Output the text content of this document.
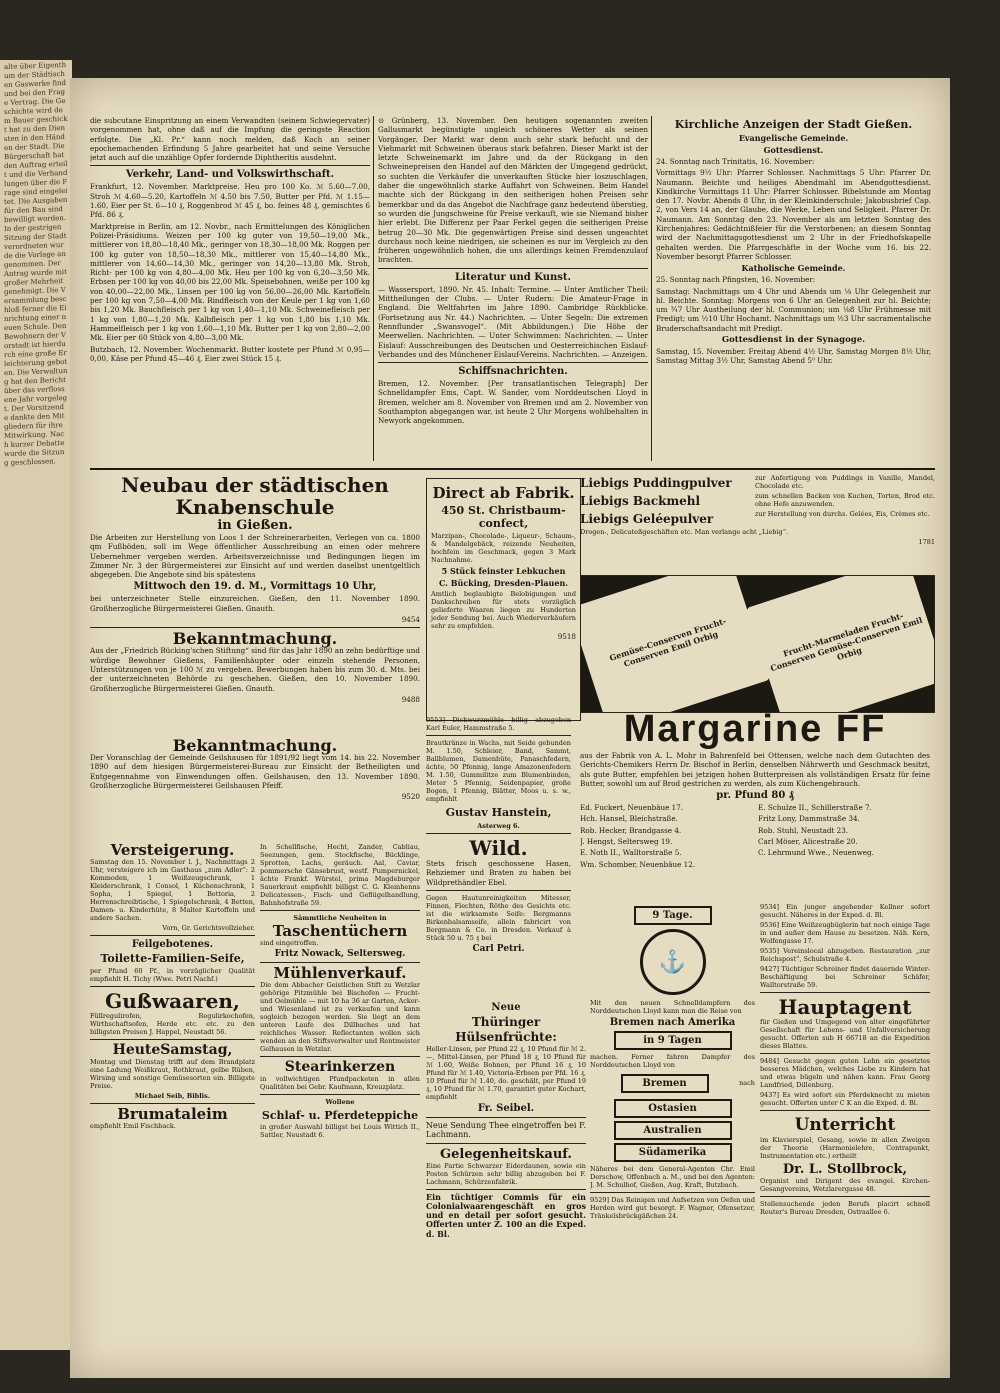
alte über Eigenthum der Städtischen Gaswerke find und bei den Frage Vertrag. Die Geschichte wird dem Bauer geschickt hat zu den Diensten in den Händen der Stadt. Die Bürgerschaft hat den Auftrag erteilt und die Verhandlungen über die Frage sind eingeleitet. Die Ausgaben für den Bau sind bewilligt worden. In der gestrigen Sitzung der Stadtverordneten wurde die Vorlage angenommen. Der Antrag wurde mit großer Mehrheit genehmigt. Die Versammlung beschloß ferner die Einrichtung einer neuen Schule. Den Bewohnern der Vorstadt ist hierdurch eine große Erleichterung geboten. Die Verwaltung hat den Bericht über das verflossene Jahr vorgelegt. Der Vorsitzende dankte den Mitgliedern für ihre Mitwirkung. Nach kurzer Debatte wurde die Sitzung geschlossen.

die subcutane Einspritzung an einem Verwandten (seinem Schwiegervater) vorgenommen hat, ohne daß auf die Impfung die geringste Reaction erfolgte. Die „Kl. Pr.“ kann noch melden, daß Koch an seiner epochemachenden Erfindung 5 Jahre gearbeitet hat und seine Versuche jetzt auch auf die unzählige Opfer fordernde Diphtheritis ausdehnt.

Verkehr, Land- und Volkswirthschaft.

Frankfurt, 12. November. Marktpreise. Heu pro 100 Ko. ℳ 5.60—7.00, Stroh ℳ 4.60—5.20, Kartoffeln ℳ 4.50 bis 7.50, Butter per Pfd. ℳ 1.15—1.60, Eier per St. 6—10 ₰, Roggenbrod ℳ 45 ₰, bo. feines 48 ₰, gemischtes 6 Pfd. 86 ₰.

Marktpreise in Berlin, am 12. Novbr., nach Ermittelungen des Königlichen Polizei-Präsidiums. Weizen per 100 kg guter von 19,50—19,00 Mk., mittlerer von 18,80—18,40 Mk., geringer von 18,30—18,00 Mk. Roggen per 100 kg guter von 18,50—18,30 Mk., mittlerer von 15,40—14,80 Mk., mittlerer von 14,60—14,30 Mk., geringer von 14,20—13,80 Mk. Stroh, Richt- per 100 kg von 4,80—4,00 Mk. Heu per 100 kg von 6,20—3,50 Mk. Erbsen per 100 kg von 40,00 bis 22,00 Mk. Speisebohnen, weiße per 100 kg von 40,00—22,00 Mk., Linsen per 100 kg von 56,00—26,00 Mk. Kartoffeln per 100 kg von 7,50—4,00 Mk. Rindfleisch von der Keule per 1 kg von 1,60 bis 1,20 Mk. Bauchfleisch per 1 kg von 1,40—1,10 Mk. Schweinefleisch per 1 kg von 1,80—1,20 Mk. Kalbfleisch per 1 kg von 1,80 bis 1,10 Mk. Hammelfleisch per 1 kg von 1,60—1,10 Mk. Butter per 1 kg von 2,80—2,00 Mk. Eier per 60 Stück von 4,80—3,00 Mk.

Butzbach, 12. November. Wochenmarkt. Butter kostete per Pfund ℳ 0,95—0,00, Käse per Pfund 45—46 ₰, Eier zwei Stück 15 ₰.

⊙ Grünberg, 13. November. Den heutigen sogenannten zweiten Gallusmarkt begünstigte ungleich schöneres Wetter als seinen Vorgänger. Der Markt war denn auch sehr stark befucht und der Viehmarkt mit Schweinen überaus stark befahren. Dieser Markt ist der letzte Schweinemarkt im Jahre und da der Rückgang in den Schweinepreisen den Handel auf den Märkten der Umgegend gedrückt, so suchten die Verkäufer die unverkauften Stücke hier loszuschlagen, daher die ungewöhnlich starke Auffahrt von Schweinen. Beim Handel machte sich der Rückgang in den seitherigen hohen Preisen sehr bemerkbar und da das Angebot die Nachfrage ganz bedeutend überstieg, so wurden die Jungschweine für Preise verkauft, wie sie Niemand bisher hier erlebt. Die Differenz per Paar Ferkel gegen die seitherigen Preise betrug 20—30 Mk. Die gegenwärtigen Preise sind dessen ungeachtet durchaus noch keine niedrigen, sie scheinen es nur im Vergleich zu den früheren ungewöhnlich hohen, die uns allerdings keinen Fremdenzulauf brachten.

Literatur und Kunst.

— Wassersport, 1890. Nr. 45. Inhalt: Termine. — Unter Amtlicher Theil: Mittheilungen der Clubs. — Unter Rudern: Die Amateur-Frage in England. Die Weltfahrten im Jahre 1890. Cambridge Rückblicke. (Fortsetzung aus Nr. 44.) Nachrichten. — Unter Segeln: Die extremen Rennflunder „Swansvogel“. (Mit Abbildungen.) Die Höhe der Meerwellen. Nachrichten. — Unter Schwimmen: Nachrichten. — Unter Eislauf: Ausschreibungen des Deutschen und Oesterreichischen Eislauf-Verbandes und des Münchener Eislauf-Vereins. Nachrichten. — Anzeigen.

Schiffsnachrichten.

Bremen, 12. November. [Per transatlantischen Telegraph] Der Schnelldampfer Ems, Capt. W. Sander, vom Norddeutschen Lloyd in Bremen, welcher am 8. November von Bremen und am 2. November von Southampton abgegangen war, ist heute 2 Uhr Morgens wohlbehalten in Newyork angekommen.

Kirchliche Anzeigen der Stadt Gießen.
Evangelische Gemeinde.
Gottesdienst.

24. Sonntag nach Trinitatis, 16. November:

Vormittags 9½ Uhr: Pfarrer Schlosser. Nachmittags 5 Uhr: Pfarrer Dr. Naumann. Beichte und heiliges Abendmahl im Abendgottesdienst. Kindkirche Vormittags 11 Uhr: Pfarrer Schlosser. Bibelstunde am Montag den 17. Novbr. Abends 8 Uhr, in der Kleinkinderschule; Jakobusbrief Cap. 2, von Vers 14 an, der Glaube, die Werke, Leben und Seligkeit. Pfarrer Dr. Naumann. Am Sonntag den 23. November als am letzten Sonntag des Kirchenjahres: Gedächtnißfeier für die Verstorbenen; an diesem Sonntag wird der Nachmittagsgottesdienst um 2 Uhr in der Friedhofskapelle gehalten werden. Die Pfarrgeschäfte in der Woche vom 16. bis 22. November besorgt Pfarrer Schlosser.

Katholische Gemeinde.

25. Sonntag nach Pfingsten, 16. November:

Samstag: Nachmittags um 4 Uhr und Abends um ⅛ Uhr Gelegenheit zur hl. Beichte. Sonntag: Morgens von 6 Uhr an Gelegenheit zur hl. Beichte; um ¾7 Uhr Austheilung der hl. Communion; um ⅛8 Uhr Frühmesse mit Predigt; um ½10 Uhr Hochamt. Nachmittags um ½3 Uhr sacramentalische Bruderschaftsandacht mit Predigt.

Gottesdienst in der Synagoge.

Samstag, 15. November. Freitag Abend 4½ Uhr, Samstag Morgen 8½ Uhr, Samstag Mittag 3½ Uhr, Samstag Abend 5⁰ Uhr.

Neubau der städtischen Knabenschule
in Gießen.

Die Arbeiten zur Herstellung von Loos 1 der Schreinerarbeiten, Verlegen von ca. 1800 qm Fußböden, soll im Wege öffentlicher Ausschreibung an einen oder mehrere Uebernehmer vergeben werden. Arbeitsverzeichnisse und Bedingungen liegen im Zimmer Nr. 3 der Bürgermeisterei zur Einsicht auf und werden daselbst unentgeltlich abgegeben. Die Angebote sind bis spätestens

Mittwoch den 19. d. M., Vormittags 10 Uhr,

bei unterzeichneter Stelle einzureichen. Gießen, den 11. November 1890. Großherzogliche Bürgermeisterei Gießen. Gnauth.

9454
Bekanntmachung.

Aus der „Friedrich Bücking'schen Stiftung“ sind für das Jahr 1890 an zehn bedürftige und würdige Bewohner Gießens, Familienhäupter oder einzeln stehende Personen, Unterstützungen von je 100 ℳ zu vergeben. Bewerbungen haben bis zum 30. d. Mts. bei der unterzeichneten Behörde zu geschehen. Gießen, den 10. November 1890. Großherzogliche Bürgermeisterei Gießen. Gnauth.

9488
Bekanntmachung.

Der Voranschlag der Gemeinde Geilshausen für 1891/92 liegt vom 14. bis 22. November 1890 auf dem hiesigen Bürgermeisterei-Bureau zur Einsicht der Betheiligten und Entgegennahme von Einwendungen offen. Geilshausen, den 13. November 1890. Großherzogliche Bürgermeisterei Geilshausen Pfeiff.

9520
Direct ab Fabrik.
450 St. Christbaum-confect,

Marzipan-, Chocolade-, Liqueur-, Schaum-, & Mandelgebäck, reizende Neuheiten, hochfein im Geschmack, gegen 3 Mark Nachnahme.

5 Stück feinster Lebkuchen
C. Bücking, Dresden-Plauen.

Amtlich beglaubigte Belobigungen und Dankschreiben für stets vorzüglich gelieferte Waaren liegen zu Hunderten jeder Sendung bei. Auch Wiederverkäufern sehr zu empfehlen.

9518
Liebigs Puddingpulver	zur Anfertigung von Puddings in Vanille, Mandel, Chocolade etc.
Liebigs Backmehl	zum schnellen Backen von Kuchen, Torten, Brod etc. ohne Hefe anzuwenden.
Liebigs Geléepulver	zur Herstellung von durchs. Gelées, Eis, Crèmes etc.

Drogen-, Delicateßgeschäften etc. Man verlange acht „Liebig“.

1781
Gemüse-Conserven Frucht-Conserven Emil Orbig	Frucht-Marmeladen Frucht-Conserven Gemüse-Conserven Emil Orbig

9553] Dickwurzmühle billig abzugeben Karl Euler, Hammstraße 5.

Brautkränze in Wachs, mit Seide gebunden M. 1.50, Schleier, Band, Sammt, Ballblumen, Damenhüte, Panaschfedern, ächte, 50 Pfennig, lange Amazonenfedern M. 1.50, Gummilitze zum Blumenbinden, Meter 5 Pfennig, Seidenpapier, große Bogen, 1 Pfennig, Blätter, Moos u. s. w., empfiehlt

Gustav Hanstein,
Asterweg 6.
Wild.

Stets frisch geschossene Hasen, Rehziemer und Braten zu haben bei Wildprethändler Ebel.

Gegen Hautunreinigkeiten Mitesser, Finnen, Flechten, Röthe des Gesichts etc. ist die wirksamste Seife: Bergmanns Birkenbalsamseife, allein fabricirt von Bergmann & Co. in Dresden. Verkauf à Stück 50 u. 75 ₰ bei

Carl Petri.
Margarine FF

aus der Fabrik von A. L. Mohr in Bahrenfeld bei Ottensen, welche nach dem Gutachten des Gerichts-Chemikers Herrn Dr. Bischof in Berlin, denselben Nährwerth und Geschmack besitzt, als gute Butter, empfehlen bei jetzigen hohen Butterpreisen als vollständigen Ersatz für feine Butter, sowohl um auf Brod gestrichen zu werden, als zum Küchengebrauch.

pr. Pfund 80 ₰
Ed. Fuckert, Neuenbäue 17.
Hch. Hansel, Bleichstraße.
Rob. Hecker, Brandgasse 4.
J. Hengst, Seltersweg 19.
E. Noth II., Walltorstraße 5.
Wm. Schomber, Neuenbäue 12.
E. Schulze II., Schillerstraße 7.
Fritz Lony, Dammstraße 34.
Rob. Stuhl, Neustadt 23.
Carl Möser, Alicestraße 20.
C. Lehrmund Wwe., Neuenweg.
Versteigerung.

Samstag den 15. November l. J., Nachmittags 2 Uhr, versteigere ich im Gasthaus „zum Adler“: 2 Kommoden, 1 Weißzeugschrank, 1 Kleiderschrank, 1 Consol, 1 Küchenschrank, 1 Sopha, 1 Spiegel, 1 Bettoria, 2 Herrenschreibtische, 1 Spiegelschrank, 4 Betten, Damen- u. Kinderhüte, 8 Malter Kartoffeln und andere Sachen.

Vorn, Gr. Gerichtsvollzieher.
Feilgebotenes.
Toilette-Familien-Seife,

per Pfund 60 Pf., in vorzüglicher Qualität empfiehlt H. Tichy (Wwe. Petri Nachf.)

Gußwaaren,

Füllregulirofen, Regulirkochofen, Wirthschaftsofen, Herde etc. etc. zu den billigsten Preisen J. Happel, Neustadt 56.

HeuteSamstag,

Montag und Dienstag trifft auf dem Brandplatz eine Ladung Weißkraut, Rothkraut, gelbe Rüben, Wirsing und sonstige Gemüsesorten ein. Billigste Preise.

Michael Seib, Biblis.
Brumataleim

empfiehlt Emil Fischback.

In Schellfische, Hecht, Zander, Cabliau, Seezungen, gem. Stockfische, Bücklinge, Sprotten, Lachs, geräuch. Aal, Caviar, pommersche Gänsebrust, westf. Pumpernickel, ächte Frankf. Würstel, prima Magdeburger Sauerkraut empfiehlt billigst C. G. Kleinhenns Delicatessen-, Fisch- und Geflügelhandlung, Bahnhofstraße 59.

Sämmtliche Neuheiten in
Taschentüchern
sind eingetroffen.
Fritz Nowack, Seltersweg.
Mühlenverkauf.

Die dem Abbacher Geistlichen Stift zu Wetzlar gehörige Pitzmühle bei Bischofen — Frucht- und Oelmühle — mit 10 ha 36 ar Garten, Acker- und Wiesenland ist zu verkaufen und kann sogleich bezogen werden. Sie liegt an dem unteren Laufe des Dillbaches und hat reichliches Wasser. Reflectanten wollen sich wenden an den Stiftsverwalter und Rentmeister Gelhausen in Wetzlar.

Stearinkerzen

in vollwichtigen Pfundpacketen in allen Qualitäten bei Gebr. Kaufmann, Kreuzplatz.

Wollene
Schlaf- u. Pferdeteppiche

in großer Auswahl billigst bei Louis Wittich II., Sattler, Neustadt 6.

Neue
Thüringer Hülsenfrüchte:

Heller-Linsen, per Pfund 22 ₰, 10 Pfund für ℳ 2.—, Mittel-Linsen, per Pfund 18 ₰, 10 Pfund für ℳ 1.60, Weiße Bohnen, per Pfund 16 ₰, 10 Pfund für ℳ 1.40, Victoria-Erbsen per Pfd. 16 ₰, 10 Pfund für ℳ 1.40, do. geschält, per Pfund 19 ₰, 10 Pfund für ℳ 1.70, garantirt guter Kochart, empfiehlt

Fr. Seibel.

Neue Sendung Thee eingetroffen bei F. Lachmann.

Gelegenheitskauf.

Eine Partie Schwarzer Eiderdaunen, sowie ein Posten Schürzen sehr billig abzugeben bei F. Lachmann, Schürzenfabrik.

Ein tüchtiger Commis für ein Colonialwaarengeschäft en gros und en detail per sofort gesucht. Offerten unter Z. 100 an die Exped. d. Bl.

9 Tage.
⚓

Mit den neuen Schnelldampfern des Norddeutschen Lloyd kann man die Reise von

Bremen nach Amerika
in 9 Tagen

machen. Ferner fahren Dampfer des Norddeutschen Lloyd von

Bremen	nach
Ostasien
Australien
Südamerika

Näheres bei dem General-Agenten Chr. Emil Derschow, Offenbach a. M., und bei den Agenten: J. M. Schulhof, Gießen, Aug. Kraft, Butzbach.

9529] Das Reinigen und Aufsetzen von Oefen und Herden wird gut besorgt. F. Wagner, Ofensetzer, Tränkelsbrückgäßchen 24.

9534] Ein junger angehender Kellner sofort gesucht. Näheres in der Exped. d. Bl.

9536] Eine Weißzeugbüglerin hat noch einige Tage in und außer dem Hause zu besetzen. Näh. Kern, Wolfengasse 17.

9535] Vereinslocal abzugeben. Restauration „zur Reichspost“, Schulstraße 4.

9427] Tüchtiger Schreiner findet dauernde Winter-Beschäftigung bei Schreiner Schäfer, Walltorstraße 59.

Hauptagent

für Gießen und Umgegend von alter eingeführter Gesellschaft für Lebens- und Unfallversicherung gesucht. Offerten sub H 66718 an die Expedition dieses Blattes.

9484] Gesucht gegen guten Lohn ein gesetztes besseres Mädchen, welches Liebe zu Kindern hat und etwas bügeln und nähen kann. Frau Georg Landfried, Dillenburg.

9437] Es wird sofort ein Pferdeknecht zu mieten gesucht. Offerten unter C K an die Exped. d. Bl.

Unterricht

im Klavierspiel, Gesang, sowie in allen Zweigen der Theorie (Harmonielehre, Contrapunkt, Instrumentation etc.) ertheilt

Dr. L. Stollbrock,

Organist und Dirigent des evangel. Kirchen-Gesangvereins, Wetzlarergasse 48.

Stellensuchende jeden Berufs placirt schnell Reuter's Bureau Dresden, Ostraallee 6.
